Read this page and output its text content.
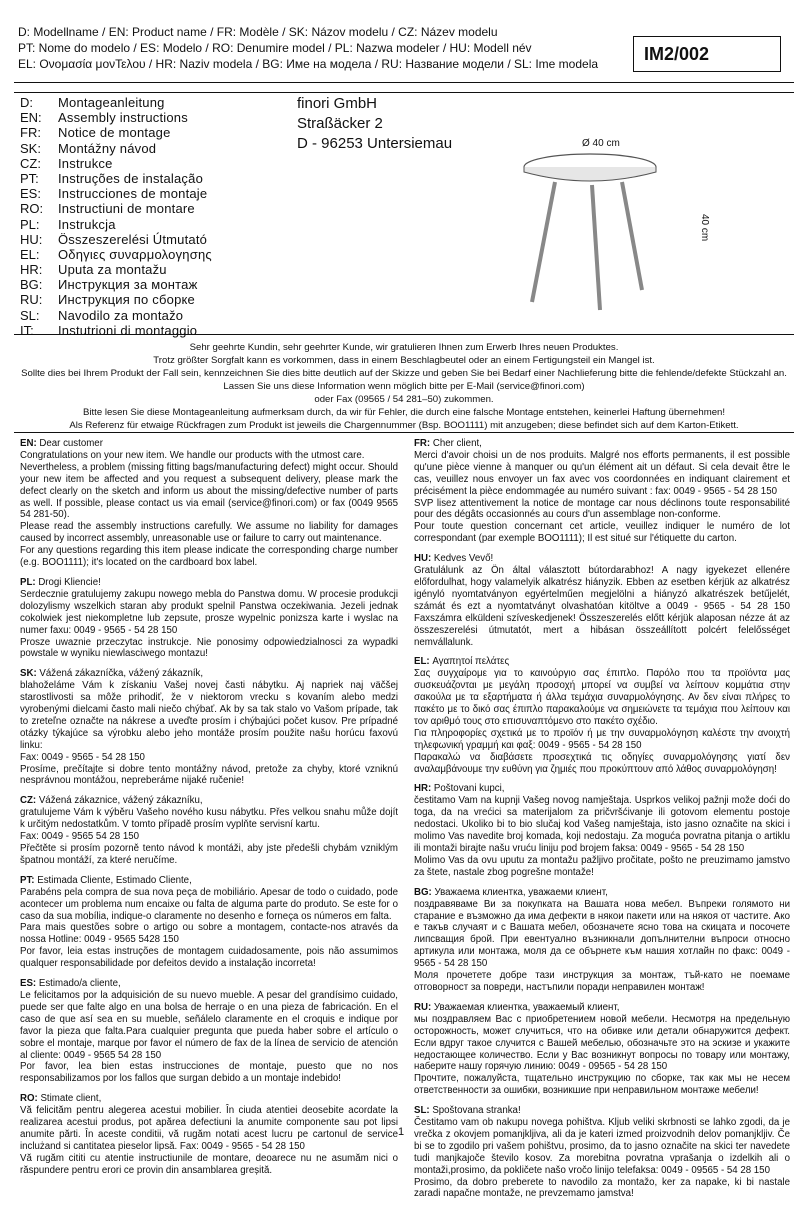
D: Modellname / EN: Product name / FR: Modèle / SK: Názov modelu / CZ: Název modelu
PT: Nome do modelo / ES: Modelo / RO: Denumire model / PL: Nazwa modeler / HU: Modell név
EL: Ονομασία μονΤελου / HR: Naziv modela / BG: Име на модела / RU: Название модели / SL: Ime modela
IM2/002
D:	Montageanleitung
EN:	Assembly instructions
FR:	Notice de montage
SK:	Montážny návod
CZ:	Instrukce
PT:	Instruções de instalação
ES:	Instrucciones de montaje
RO:	Instructiuni de montare
PL:	Instrukcja
HU:	Összeszerelési Útmutató
EL:	Οδηγιες συναρμολογησης
HR:	Uputa za montažu
BG:	Инструкция за монтаж
RU:	Инструкция по сборке
SL:	Navodilo za montažo
IT:	Instutrioni di montaggio
finori GmbH
Straßäcker 2
D - 96253 Untersiemau	Ø 40 cm
40 cm
Sehr geehrte Kundin, sehr geehrter Kunde, wir gratulieren Ihnen zum Erwerb Ihres neuen Produktes.
Trotz größter Sorgfalt kann es vorkommen, dass in einem Beschlagbeutel oder an einem Fertigungsteil ein Mangel ist.
Sollte dies bei Ihrem Produkt der Fall sein, kennzeichnen Sie dies bitte deutlich auf der Skizze und geben Sie bei Bedarf einer Nachlieferung bitte die fehlende/defekte Stückzahl an.
Lassen Sie uns diese Information wenn möglich bitte per E-Mail (service@finori.com)
oder Fax (09565 / 54 281–50) zukommen.
Bitte lesen Sie diese Montageanleitung aufmerksam durch, da wir für Fehler, die durch eine falsche Montage entstehen, keinerlei Haftung übernehmen!
Als Referenz für etwaige Rückfragen zum Produkt ist jeweils die Chargennummer (Bsp. BOO1111) mit anzugeben; diese befindet sich auf dem Karton-Etikett.
EN: Dear customer

Congratulations on your new item. We handle our products with the utmost care.

Nevertheless, a problem (missing fitting bags/manufacturing defect) might occur. Should your new item be affected and you request a subsequent delivery, please mark the defect clearly on the sketch and inform us about the missing/defective number of parts as well. If possible, please contact us via email (service@finori.com) or fax (0049 9565 54 281-50).

Please read the assembly instructions carefully. We assume no liability for damages caused by incorrect assembly, unreasonable use or failure to carry out maintenance.

For any questions regarding this item please indicate the corresponding charge number (e.g. BOO1111); it's located on the cardboard box label.

PL: Drogi Kliencie!

Serdecznie gratulujemy zakupu nowego mebla do Panstwa domu. W procesie produkcji dolozylismy wszelkich staran aby produkt spelnil Panstwa oczekiwania. Jezeli jednak cokolwiek jest niekompletne lub zepsute, prosze wypelnic ponizsza karte i wyslac na numer faxu: 0049 - 9565 - 54 28 150

Prosze uwaznie przeczytac instrukcje. Nie ponosimy odpowiedzialnosci za wypadki powstale w wyniku niewlasciwego montazu!

SK: Vážená zákazníčka, vážený zákazník,

blahoželáme Vám k získaniu Vašej novej časti nábytku. Aj napriek naj väčšej starostlivosti sa môže prihodiť, že v niektorom vrecku s kovaním alebo medzi vyrobenými dielcami často mali niečo chýbať. Ak by sa tak stalo vo Vašom prípade, tak to zreteľne označte na nákrese a uveďte prosím i chýbajúci počet kusov. Pre prípadné otázky týkajúce sa výrobku alebo jeho montáže prosím použite našu horúcu faxovú linku:

Fax: 0049 - 9565 - 54 28 150

Prosíme, prečítajte si dobre tento montážny návod, pretože za chyby, ktoré vzniknú nesprávnou montážou, nepreberáme nijaké ručenie!

CZ: Vážená zákaznice, vážený zákazníku,

gratulujeme Vám k výběru Vašeho nového kusu nábytku. Přes velkou snahu může dojít k určitým nedostatkům. V tomto případě prosím vyplňte servisní kartu.

Fax: 0049 - 9565 54 28 150

Přečtěte si prosím pozorně tento návod k montáži, aby jste předešli chybám vzniklým špatnou montáží, za které neručíme.

PT: Estimada Cliente, Estimado Cliente,

Parabéns pela compra de sua nova peça de mobiliário. Apesar de todo o cuidado, pode acontecer um problema num encaixe ou falta de alguma parte do produto. Se este for o caso da sua mobília, indique-o claramente no desenho e forneça os números em falta.

Para mais questões sobre o artigo ou sobre a montagem, contacte-nos através da nossa Hotline: 0049 - 9565 5428 150

Por favor, leia estas instruções de montagem cuidadosamente, pois não assumimos qualquer responsabilidade por defeitos devido a instalação incorreta!

ES: Estimado/a cliente,

Le felicitamos por la adquisición de su nuevo mueble. A pesar del grandísimo cuidado, puede ser que falte algo en una bolsa de herraje o en una pieza de fabricación. En el caso de que así sea en su mueble, señálelo claramente en el croquis e indique por favor la pieza que falta.Para cualquier pregunta que pueda haber sobre el artículo o sobre el montaje, marque por favor el número de fax de la línea de servicio de atención al cliente: 0049 - 9565 54 28 150

Por favor, lea bien estas instrucciones de montaje, puesto que no nos responsabilizamos por los fallos que surgan debido a un montaje indebido!

RO: Stimate client,

Vă felicităm pentru alegerea acestui mobilier. În ciuda atentiei deosebite acordate la realizarea acestui produs, pot apărea defectiuni la anumite componente sau pot lipsi anumite părti. În aceste conditii, vă rugăm notati acest lucru pe cartonul de service inclużand si cantitatea pieselor lipsă. Fax: 0049 - 9565 - 54 28 150

Vă rugăm cititi cu atentie instructiunile de montare, deoarece nu ne asumăm nici o răspundere pentru erori ce provin din ansamblarea greșită.

FR: Cher client,

Merci d'avoir choisi un de nos produits. Malgré nos efforts permanents, il est possible qu'une pièce vienne à manquer ou qu'un élément ait un défaut. Si cela devait être le cas, veuillez nous envoyer un fax avec vos coordonnées en indiquant clairement et précisément la pièce endommagée au numéro suivant : fax: 0049 - 9565 - 54 28 150

SVP lisez attentivement la notice de montage car nous déclinons toute responsabilité pour des dégâts occasionnés au cours d'un assemblage non-conforme.

Pour toute question concernant cet article, veuillez indiquer le numéro de lot correspondant (par exemple BOO1111); Il est situé sur l'étiquette du carton.

HU: Kedves Vevő!

Gratulálunk az Ön által választott bútordarabhoz! A nagy igyekezet ellenére előfordulhat, hogy valamelyik alkatrész hiányzik. Ebben az esetben kérjük az alkatrész igényló nyomtatványon egyértelműen megjelölni a hiányzó alkatrészek betűjelét, számát és ezt a nyomtatványt olvashatóan kitöltve a 0049 - 9565 - 54 28 150 Faxszámra elküldeni szíveskedjenek! Összeszerelés előtt kérjük alaposan nézze át az összeszerelési útmutatót, mert a hibásan összeállított polcért felelősséget nemvállalunk.

EL: Αγαπητοί πελάτες

Σας συγχαίρομε για το καινούργιο σας έπιπλο. Παρόλο που τα προϊόντα μας σuσκευάζονται με μεγάλη προσοχή μπορεί να συμβεί να λείπουν κομμάτια στην σακούλα με τα εξαρτήματα ή άλλα τεμάχια συναρμολόγησης. Αν δεν είναι πλήρες το πακέτο με το δικό σας έπιπλο παρακαλούμε να σημειώνετε τα τεμάχια που λείπουν και τον αριθμό τους στο επισυναπτόμενο στο πακέτο σχέδιο.

Για πληροφορίες σχετικά με το προϊόν ή με την συναρμολόγηση καλέστε την ανοιχτή τηλεφωνική γραμμή και φαξ: 0049 - 9565 - 54 28 150

Παρακαλώ να διαβάσετε προσεχτικά τις οδηγίες συναρμολόγησης γιατί δεν αναλαμβάνουμε την ευθύνη για ζημιές που προκύπτουν από λάθος συναρμολόγηση!

HR: Poštovani kupci,

čestitamo Vam na kupnji Vašeg novog namještaja. Usprkos velikoj pažnji može doći do toga, da na vrećici sa materijalom za pričvršćivanje ili gotovom elementu postoje nedostaci. Ukoliko bi to bio slučaj kod Vašeg namještaja, isto jasno označite na skici i molimo Vas navedite broj komada, koji nedostaju. Za moguća povratna pitanja o artiklu ili montaži birajte našu vruću liniju pod brojem faksa: 0049 - 9565 - 54 28 150

Molimo Vas da ovu uputu za montažu pažljivo pročitate, pošto ne preuzimamo jamstvo za štete, nastale zbog pogrešne montaže!

BG: Уважаема клиентка, уважаеми клиент,

поздравяваме Ви за покупката на Вашата нова мебел. Въпреки голямото ни старание е възможно да има дефекти в някои пакети или на някоя от частите. Ако е такъв случаят и с Вашата мебел, обозначете ясно това на скицата и посочете липсващия брой. При евентуално възникнали допълнителни въпроси относно артикула или монтажа, моля да се обърнете към нашия хотлайн по факс: 0049 - 9565 - 54 28 150

Моля прочетете добре тази инструкция за монтаж, тъй-като не поемаме отговорност за повреди, настъпили поради неправилен монтаж!

RU: Уважаемая клиентка, уважаемый клиент,

мы поздравляем Вас с приобретением новой мебели. Несмотря на предельную осторожность, может случиться, что на обивке или детали обнаружится дефект. Если вдруг такое случится с Вашей мебелью, обозначьте это на эскизе и укажите недостающее количество. Если у Вас возникнут вопросы по товару или монтажу, наберите нашу горячую линию: 0049 - 09565 - 54 28 150

Прочтите, пожалуйста, тщательно инструкцию по сборке, так как мы не несем ответственности за ошибки, возникшие при неправильном монтаже мебели!

SL: Spoštovana stranka!

Čestitamo vam ob nakupu novega pohištva. Kljub veliki skrbnosti se lahko zgodi, da je vrečka z okovjem pomanjkljiva, ali da je kateri izmed proizvodnih delov pomanjkljiv. Če bi se to zgodilo pri vašem pohištvu, prosimo, da to jasno označite na skici ter navedete tudi manjkajoče število kosov. Za morebitna povratna vprašanja o izdelkih ali o montaži,prosimo, da pokličete našo vročo linijo telefaksa: 0049 - 09565 - 54 28 150

Prosimo, da dobro preberete to navodilo za montažo, ker za napake, ki bi nastale zaradi napačne montaže, ne prevzemamo jamstva!

1
